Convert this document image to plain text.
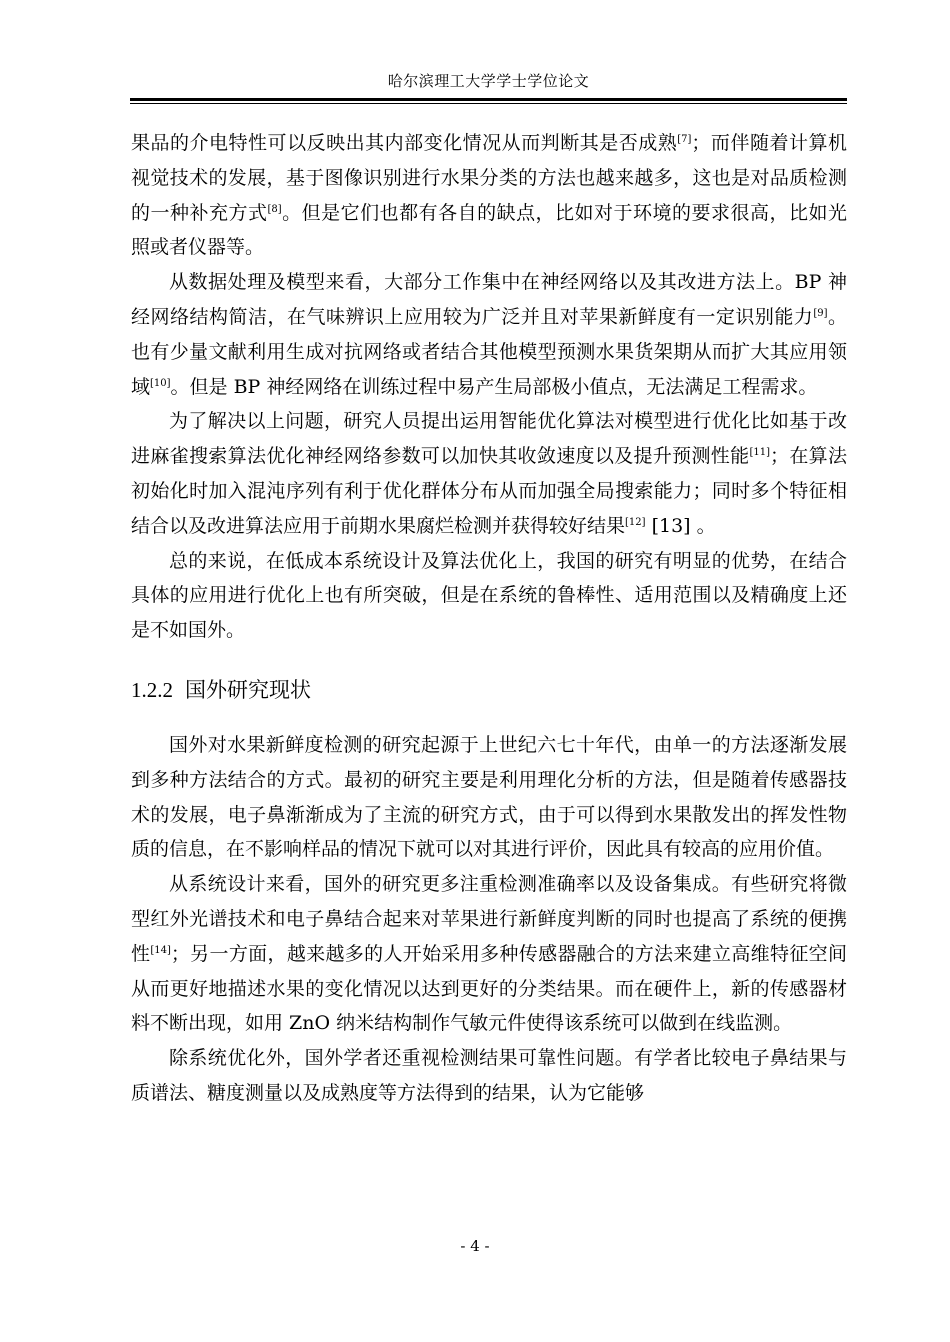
哈尔滨理工大学学士学位论文

果品的介电特性可以反映出其内部变化情况从而判断其是否成熟[7]；而伴随着计算机视觉技术的发展，基于图像识别进行水果分类的方法也越来越多，这也是对品质检测的一种补充方式[8]。但是它们也都有各自的缺点，比如对于环境的要求很高，比如光照或者仪器等。

从数据处理及模型来看，大部分工作集中在神经网络以及其改进方法上。BP 神经网络结构简洁，在气味辨识上应用较为广泛并且对苹果新鲜度有一定识别能力[9]。也有少量文献利用生成对抗网络或者结合其他模型预测水果货架期从而扩大其应用领域[10]。但是 BP 神经网络在训练过程中易产生局部极小值点，无法满足工程需求。

为了解决以上问题，研究人员提出运用智能优化算法对模型进行优化比如基于改进麻雀搜索算法优化神经网络参数可以加快其收敛速度以及提升预测性能[11]；在算法初始化时加入混沌序列有利于优化群体分布从而加强全局搜索能力；同时多个特征相结合以及改进算法应用于前期水果腐烂检测并获得较好结果[12] [13] 。

总的来说，在低成本系统设计及算法优化上，我国的研究有明显的优势，在结合具体的应用进行优化上也有所突破，但是在系统的鲁棒性、适用范围以及精确度上还是不如国外。

1.2.2 国外研究现状

国外对水果新鲜度检测的研究起源于上世纪六七十年代，由单一的方法逐渐发展到多种方法结合的方式。最初的研究主要是利用理化分析的方法，但是随着传感器技术的发展，电子鼻渐渐成为了主流的研究方式，由于可以得到水果散发出的挥发性物质的信息，在不影响样品的情况下就可以对其进行评价，因此具有较高的应用价值。

从系统设计来看，国外的研究更多注重检测准确率以及设备集成。有些研究将微型红外光谱技术和电子鼻结合起来对苹果进行新鲜度判断的同时也提高了系统的便携性[14]；另一方面，越来越多的人开始采用多种传感器融合的方法来建立高维特征空间从而更好地描述水果的变化情况以达到更好的分类结果。而在硬件上，新的传感器材料不断出现，如用 ZnO 纳米结构制作气敏元件使得该系统可以做到在线监测。

除系统优化外，国外学者还重视检测结果可靠性问题。有学者比较电子鼻结果与质谱法、糖度测量以及成熟度等方法得到的结果，认为它能够

- 4 -
